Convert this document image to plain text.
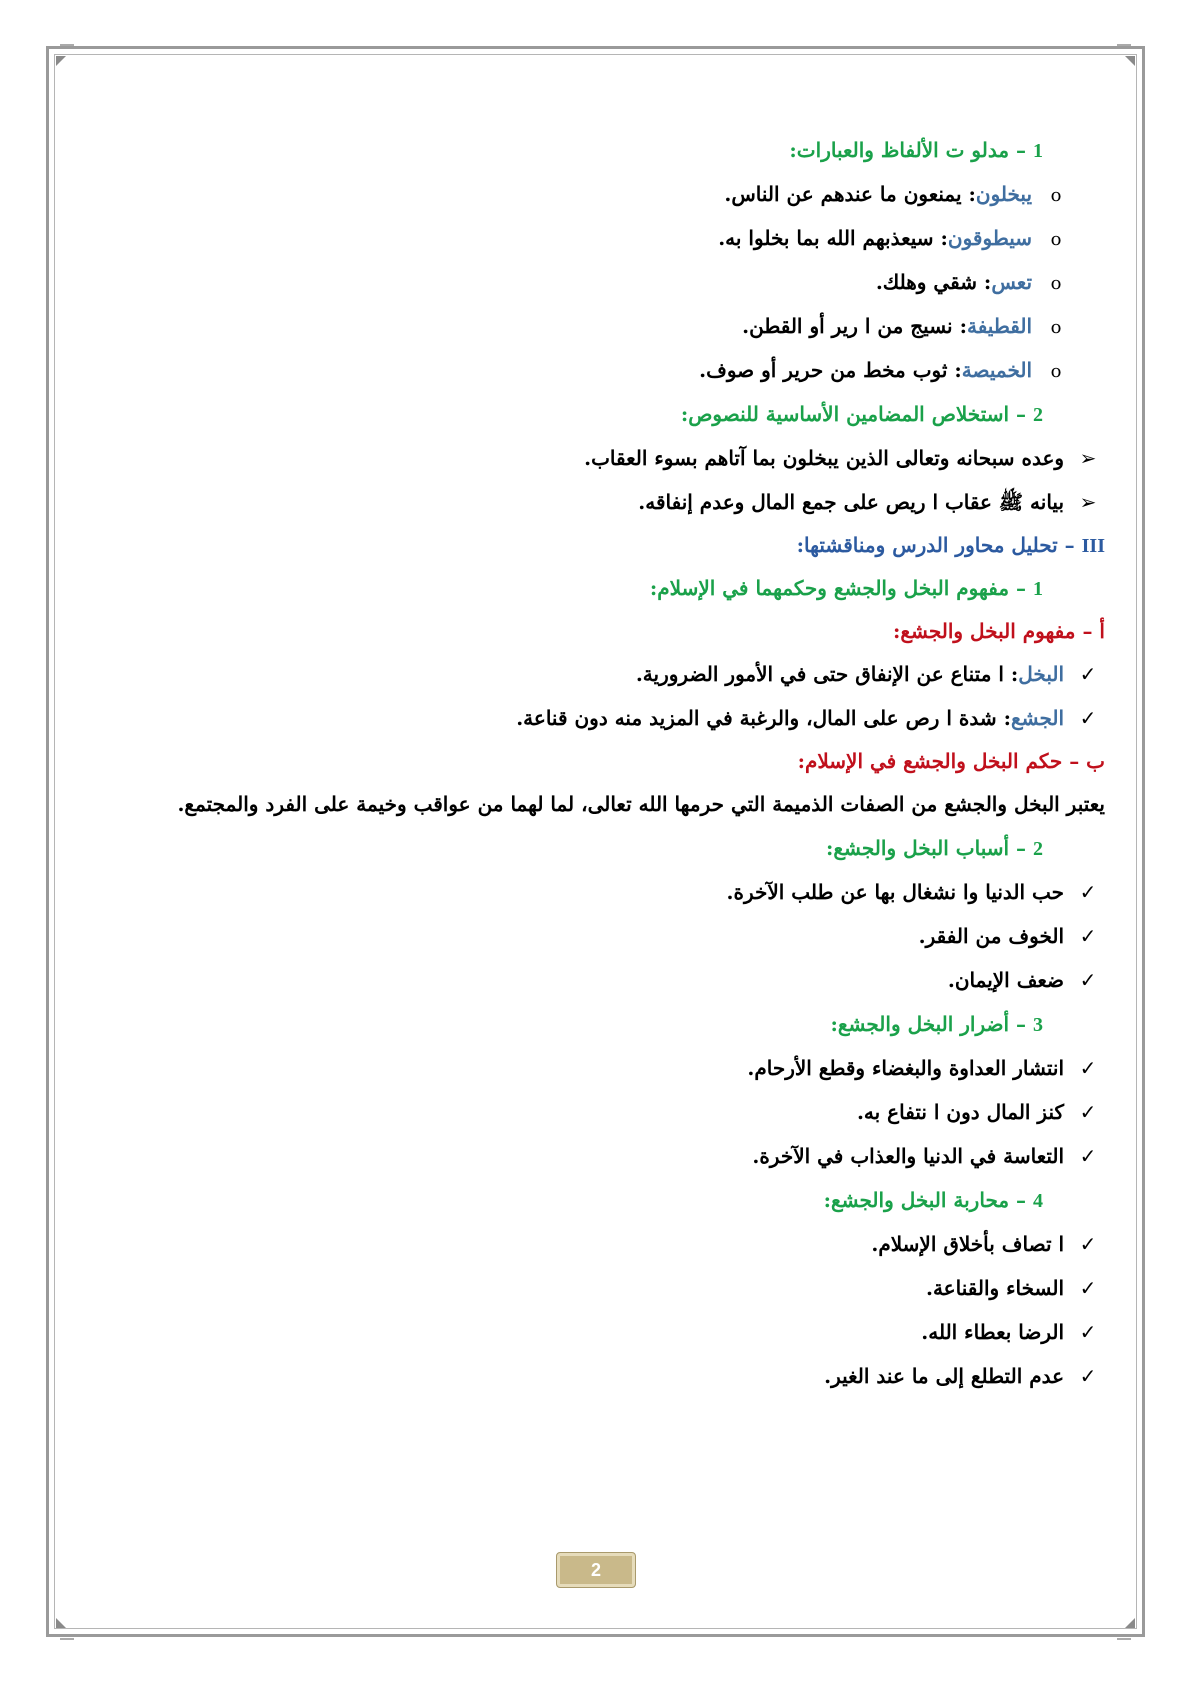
1 – مدلو ت الألفاظ والعبارات:
o يبخلون: يمنعون ما عندهم عن الناس.
o سيطوقون: سيعذبهم الله بما بخلوا به.
o تعس: شقي وهلك.
o القطيفة: نسيج من ا رير أو القطن.
o الخميصة: ثوب مخط من حرير أو صوف.
2 – استخلاص المضامين الأساسية للنصوص:
➢ وعده سبحانه وتعالى الذين يبخلون بما آتاهم بسوء العقاب.
➢ بيانه ﷺ عقاب ا ريص على جمع المال وعدم إنفاقه.
III – تحليل محاور الدرس ومناقشتها:
1 – مفهوم البخل والجشع وحكمهما في الإسلام:
أ – مفهوم البخل والجشع:
✓ البخل: ا متناع عن الإنفاق حتى في الأمور الضرورية.
✓ الجشع: شدة ا رص على المال، والرغبة في المزيد منه دون قناعة.
ب – حكم البخل والجشع في الإسلام:
يعتبر البخل والجشع من الصفات الذميمة التي حرمها الله تعالى، لما لهما من عواقب وخيمة على الفرد والمجتمع.
2 – أسباب البخل والجشع:
✓ حب الدنيا وا نشغال بها عن طلب الآخرة.
✓ الخوف من الفقر.
✓ ضعف الإيمان.
3 – أضرار البخل والجشع:
✓ انتشار العداوة والبغضاء وقطع الأرحام.
✓ كنز المال دون ا نتفاع به.
✓ التعاسة في الدنيا والعذاب في الآخرة.
4 – محاربة البخل والجشع:
✓ ا تصاف بأخلاق الإسلام.
✓ السخاء والقناعة.
✓ الرضا بعطاء الله.
✓ عدم التطلع إلى ما عند الغير.
2
